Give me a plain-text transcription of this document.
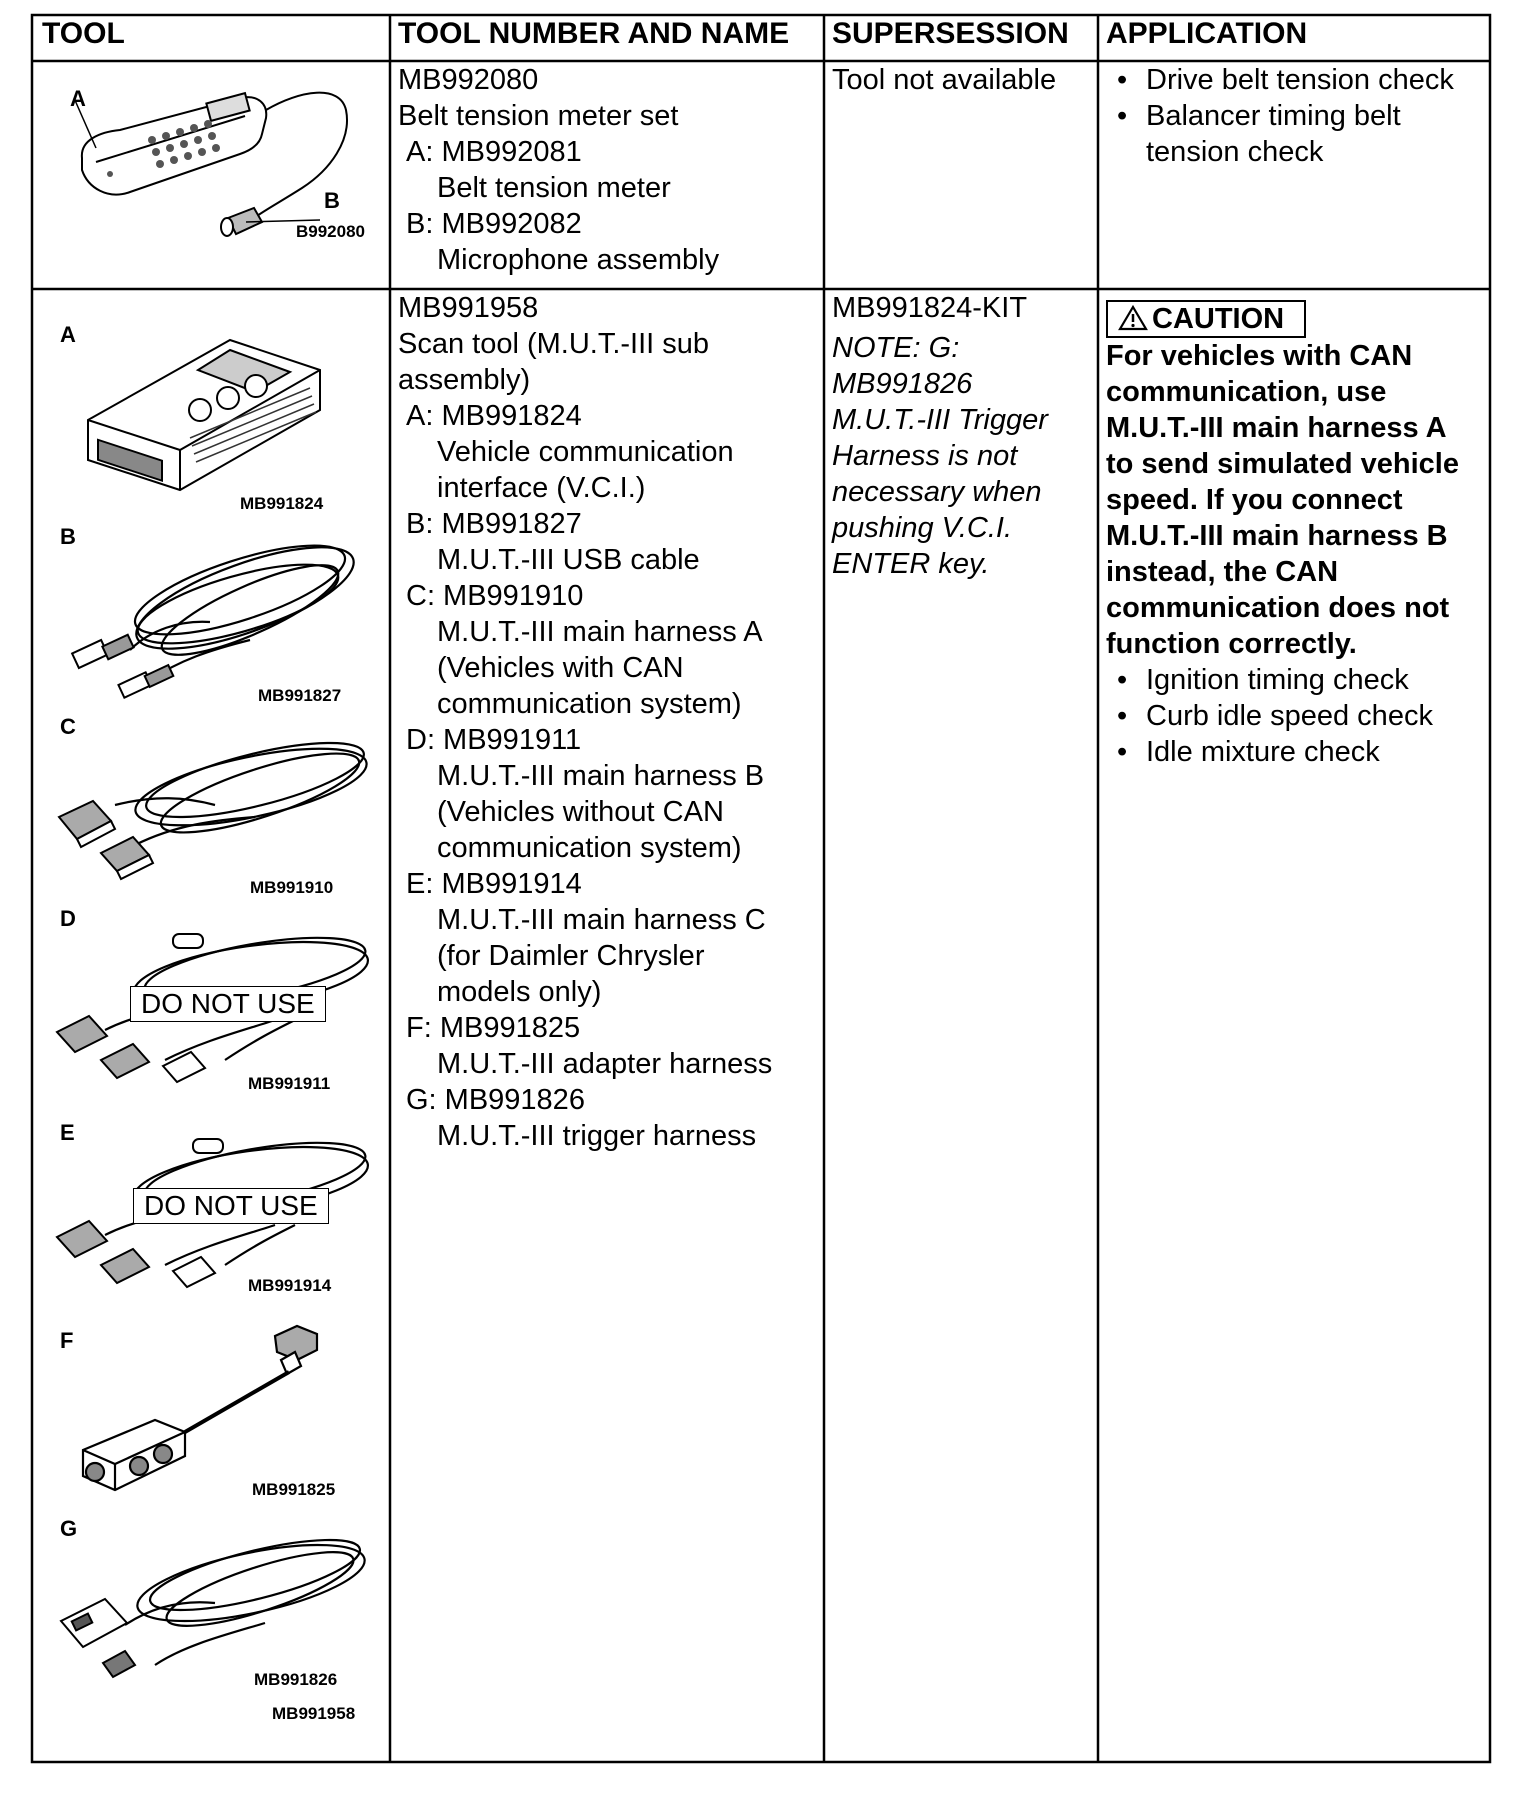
TOOL	TOOL NUMBER AND NAME SUPERSESSION APPLICATION
A
B
B992080
MB992080
Belt tension meter set
A: MB992081
Belt tension meter
B: MB992082
Microphone assembly
Tool not available
•	Drive belt tension check
• Balancer timing belt
tension check
A
MB991824
B
MB991827
C
MB991910
D
DO NOT USE
MB991911
E
DO NOT USE
MB991914
F
MB991825
G
MB991826
MB991958
MB991958
Scan tool (M.U.T.-III sub
assembly)
A: MB991824
Vehicle communication
interface (V.C.I.)
B: MB991827
M.U.T.-III USB cable
C: MB991910
M.U.T.-III main harness A
(Vehicles with CAN
communication system)
D: MB991911
M.U.T.-III main harness B
(Vehicles without CAN
communication system)
E: MB991914
M.U.T.-III main harness C
(for Daimler Chrysler
models only)
F: MB991825
M.U.T.-III adapter harness
G: MB991826
M.U.T.-III trigger harness
MB991824-KIT
NOTE: G:
MB991826
M.U.T.-III Trigger
Harness is not
necessary when
pushing V.C.I.
ENTER key.
CAUTION
For vehicles with CAN
communication, use
M.U.T.-III main harness A
to send simulated vehicle
speed. If you connect
M.U.T.-III main harness B
instead, the CAN
communication does not
function correctly.
• Ignition timing check
• Curb idle speed check
• Idle mixture check
